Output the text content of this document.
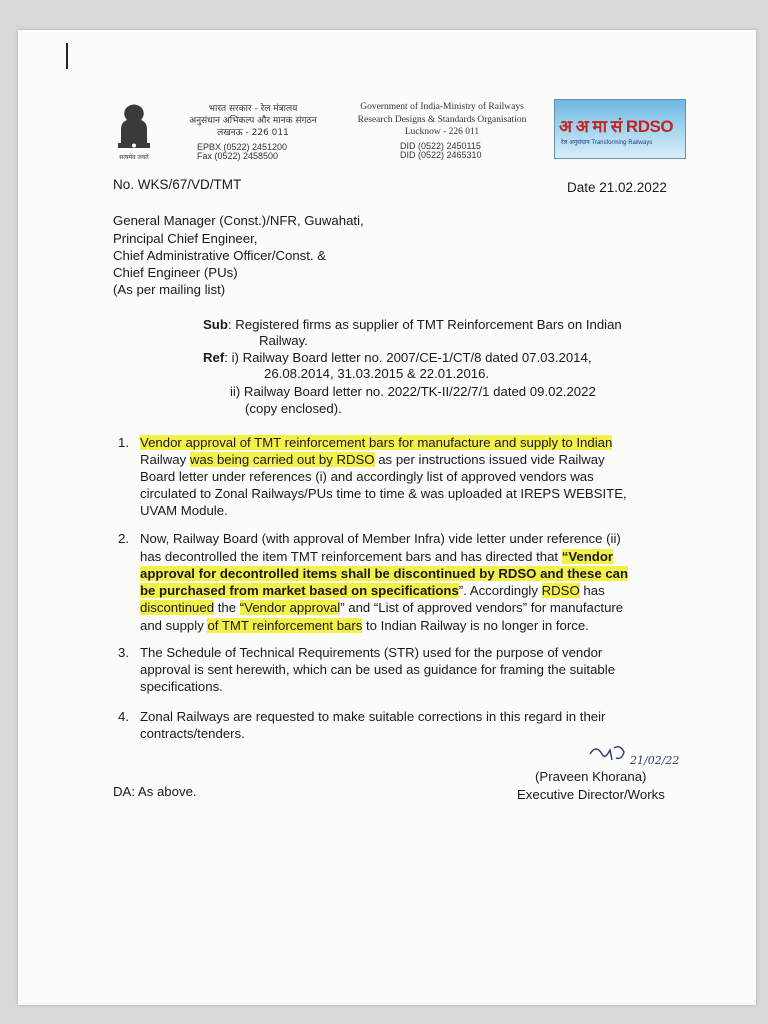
सत्यमेव जयते
भारत सरकार - रेल मंत्रालय
अनुसंधान अभिकल्प और मानक संगठन
लखनऊ - 226 011
EPBX (0522) 2451200
Fax (0522) 2458500
Government of India-Ministry of Railways
Research Designs & Standards Organisation
Lucknow - 226 011
DID (0522) 2450115
DID (0522) 2465310
अ अ मा सं RDSO
रेल अनुसंधान Transforming Railways
No. WKS/67/VD/TMT	Date 21.02.2022
General Manager (Const.)/NFR, Guwahati,
Principal Chief Engineer,
Chief Administrative Officer/Const. &
Chief Engineer (PUs)
(As per mailing list)
Sub: Registered firms as supplier of TMT Reinforcement Bars on Indian
Railway.
Ref: i) Railway Board letter no. 2007/CE-1/CT/8 dated 07.03.2014,
26.08.2014, 31.03.2015 & 22.01.2016.
ii) Railway Board letter no. 2022/TK-II/22/7/1 dated 09.02.2022
(copy enclosed).
1. Vendor approval of TMT reinforcement bars for manufacture and supply to Indian
Railway was being carried out by RDSO as per instructions issued vide Railway
Board letter under references (i) and accordingly list of approved vendors was
circulated to Zonal Railways/PUs time to time & was uploaded at IREPS WEBSITE,
UVAM Module.
2. Now, Railway Board (with approval of Member Infra) vide letter under reference (ii)
has decontrolled the item TMT reinforcement bars and has directed that “Vendor
approval for decontrolled items shall be discontinued by RDSO and these can
be purchased from market based on specifications”. Accordingly RDSO has
discontinued the “Vendor approval” and “List of approved vendors” for manufacture
and supply of TMT reinforcement bars to Indian Railway is no longer in force.
3. The Schedule of Technical Requirements (STR) used for the purpose of vendor
approval is sent herewith, which can be used as guidance for framing the suitable
specifications.
4. Zonal Railways are requested to make suitable corrections in this regard in their
contracts/tenders.
21/02/22
(Praveen Khorana)
Executive Director/Works
DA: As above.
